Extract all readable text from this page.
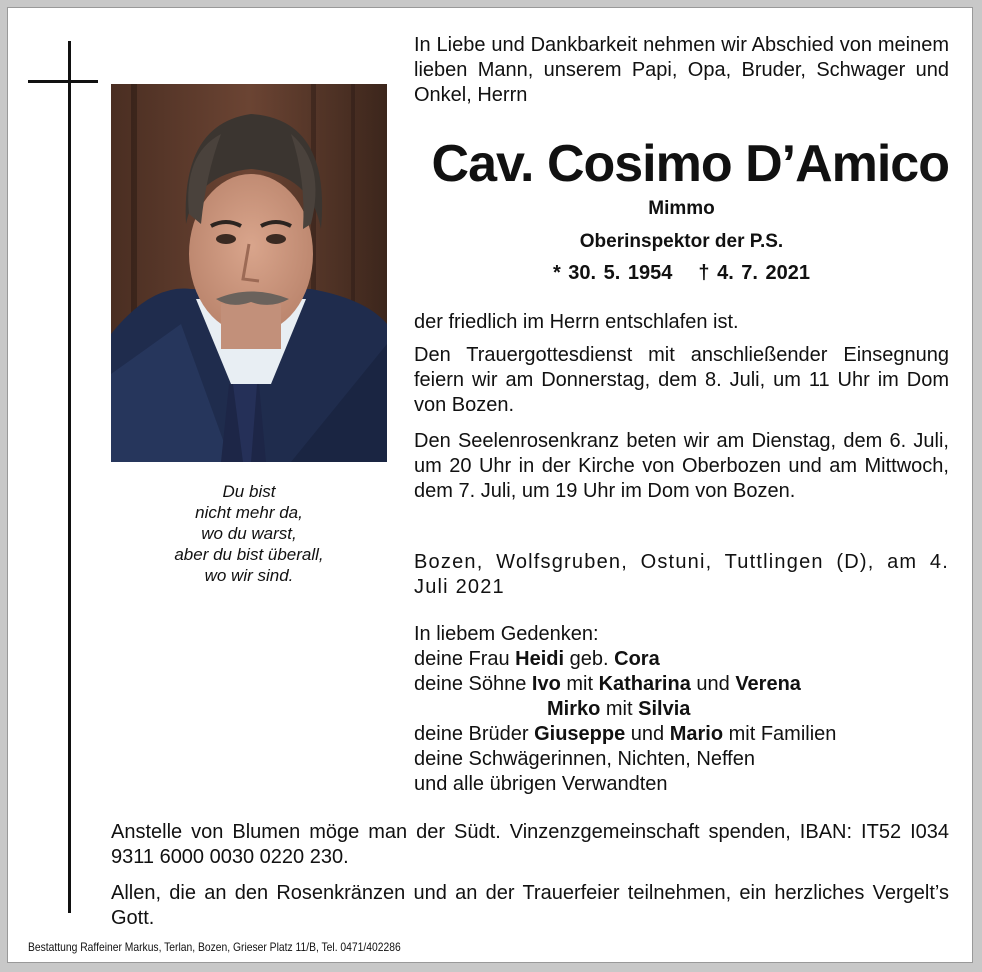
Du bist
nicht mehr da,
wo du warst,
aber du bist überall,
wo wir sind.
In Liebe und Dankbarkeit nehmen wir Abschied von meinem lieben Mann, unserem Papi, Opa, Bruder, Schwager und Onkel, Herrn
Cav. Cosimo D’Amico
Mimmo
Oberinspektor der P.S.
* 30. 5. 1954 † 4. 7. 2021
der friedlich im Herrn entschlafen ist.
Den Trauergottesdienst mit anschließender Einsegnung feiern wir am Donnerstag, dem 8. Juli, um 11 Uhr im Dom von Bozen.
Den Seelenrosenkranz beten wir am Dienstag, dem 6. Juli, um 20 Uhr in der Kirche von Oberbozen und am Mittwoch, dem 7. Juli, um 19 Uhr im Dom von Bozen.
Bozen, Wolfsgruben, Ostuni, Tuttlingen (D), am 4. Juli 2021
In liebem Gedenken:
deine Frau Heidi geb. Cora
deine Söhne Ivo mit Katharina und Verena
Mirko mit Silvia
deine Brüder Giuseppe und Mario mit Familien
deine Schwägerinnen, Nichten, Neffen
und alle übrigen Verwandten
Anstelle von Blumen möge man der Südt. Vinzenzgemeinschaft spenden, IBAN: IT52 I034 9311 6000 0030 0220 230.
Allen, die an den Rosenkränzen und an der Trauerfeier teilnehmen, ein herzliches Vergelt’s Gott.
Bestattung Raffeiner Markus, Terlan, Bozen, Grieser Platz 11/B, Tel. 0471/402286
